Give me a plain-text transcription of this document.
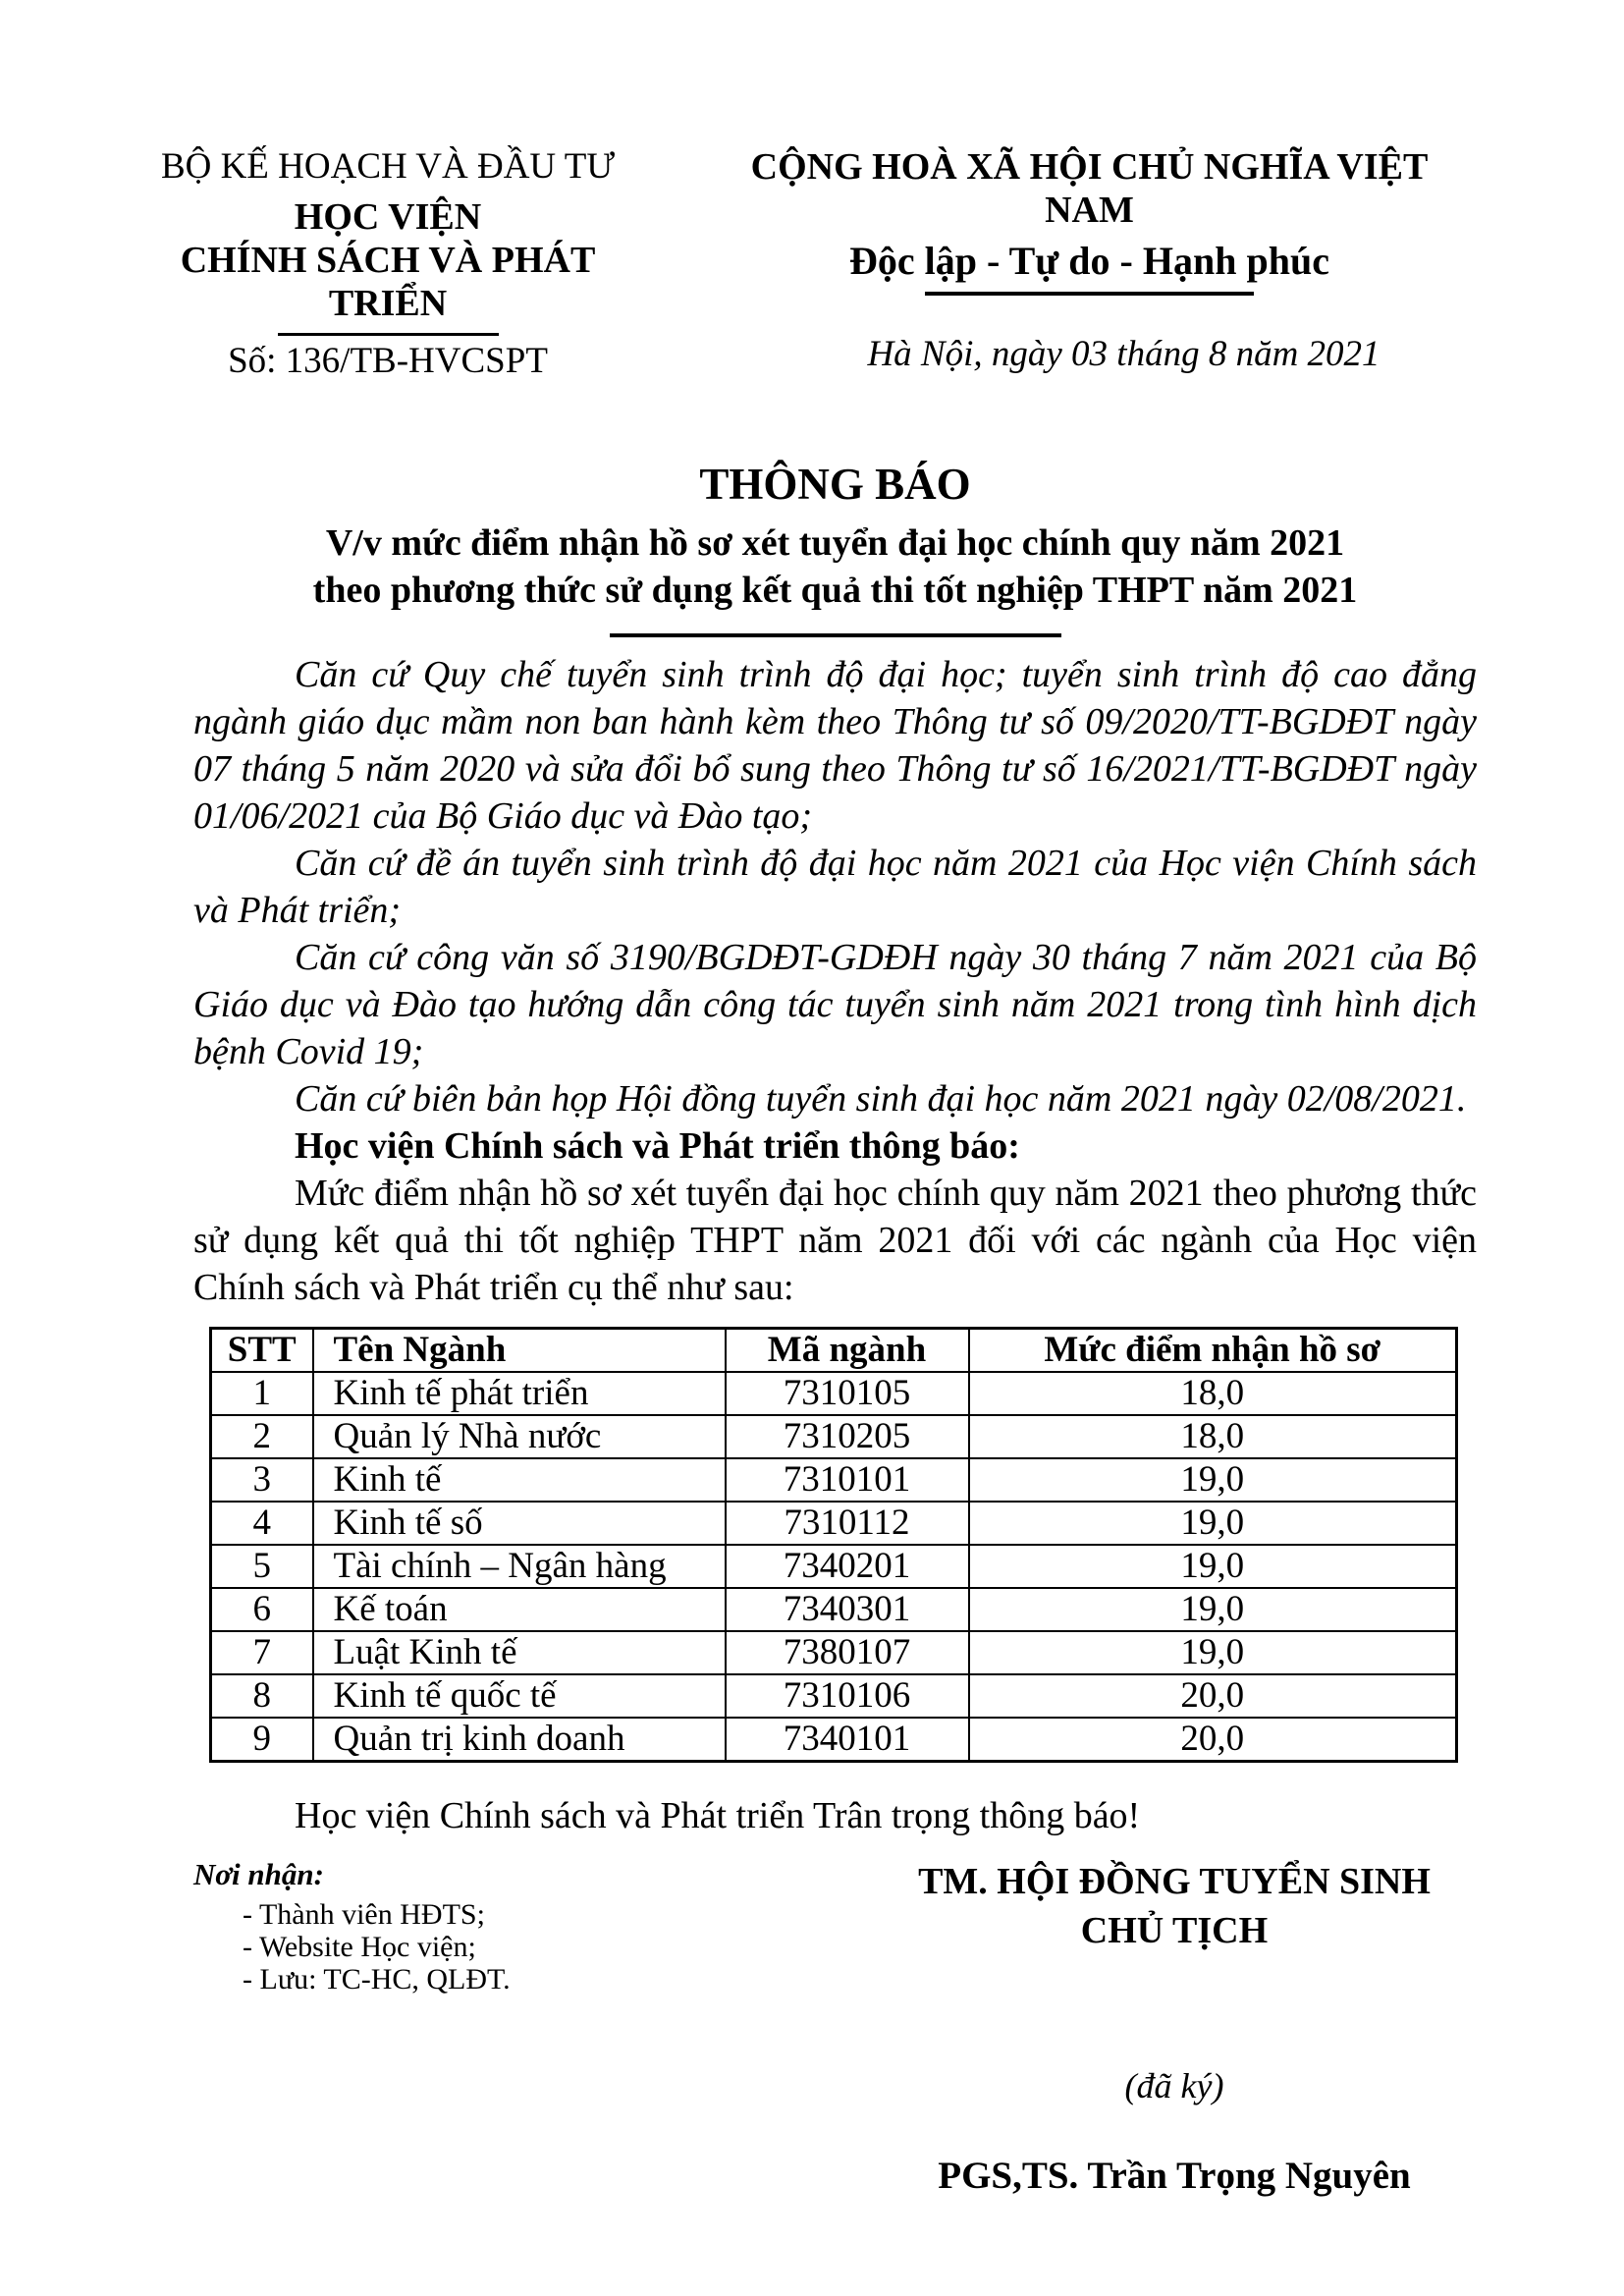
BỘ KẾ HOẠCH VÀ ĐẦU TƯ
HỌC VIỆN
CHÍNH SÁCH VÀ PHÁT TRIỂN
Số: 136/TB-HVCSPT
CỘNG HOÀ XÃ HỘI CHỦ NGHĨA VIỆT NAM
Độc lập - Tự do - Hạnh phúc
Hà Nội, ngày 03 tháng 8 năm 2021
THÔNG BÁO
V/v mức điểm nhận hồ sơ xét tuyển đại học chính quy năm 2021
theo phương thức sử dụng kết quả thi tốt nghiệp THPT năm 2021

Căn cứ Quy chế tuyển sinh trình độ đại học; tuyển sinh trình độ cao đẳng ngành giáo dục mầm non ban hành kèm theo Thông tư số 09/2020/TT-BGDĐT ngày 07 tháng 5 năm 2020 và sửa đổi bổ sung theo Thông tư số 16/2021/TT-BGDĐT ngày 01/06/2021 của Bộ Giáo dục và Đào tạo;

Căn cứ đề án tuyển sinh trình độ đại học năm 2021 của Học viện Chính sách và Phát triển;

Căn cứ công văn số 3190/BGDĐT-GDĐH ngày 30 tháng 7 năm 2021 của Bộ Giáo dục và Đào tạo hướng dẫn công tác tuyển sinh năm 2021 trong tình hình dịch bệnh Covid 19;

Căn cứ biên bản họp Hội đồng tuyển sinh đại học năm 2021 ngày 02/08/2021.

Học viện Chính sách và Phát triển thông báo:

Mức điểm nhận hồ sơ xét tuyển đại học chính quy năm 2021 theo phương thức sử dụng kết quả thi tốt nghiệp THPT năm 2021 đối với các ngành của Học viện Chính sách và Phát triển cụ thể như sau:

STT	Tên Ngành	Mã ngành	Mức điểm nhận hồ sơ
1	Kinh tế phát triển	7310105	18,0
2	Quản lý Nhà nước	7310205	18,0
3	Kinh tế	7310101	19,0
4	Kinh tế số	7310112	19,0
5	Tài chính – Ngân hàng	7340201	19,0
6	Kế toán	7340301	19,0
7	Luật Kinh tế	7380107	19,0
8	Kinh tế quốc tế	7310106	20,0
9	Quản trị kinh doanh	7340101	20,0

Học viện Chính sách và Phát triển Trân trọng thông báo!

Nơi nhận:
- Thành viên HĐTS;
- Website Học viện;
- Lưu: TC-HC, QLĐT.
TM. HỘI ĐỒNG TUYỂN SINH
CHỦ TỊCH
(đã ký)
PGS,TS. Trần Trọng Nguyên
